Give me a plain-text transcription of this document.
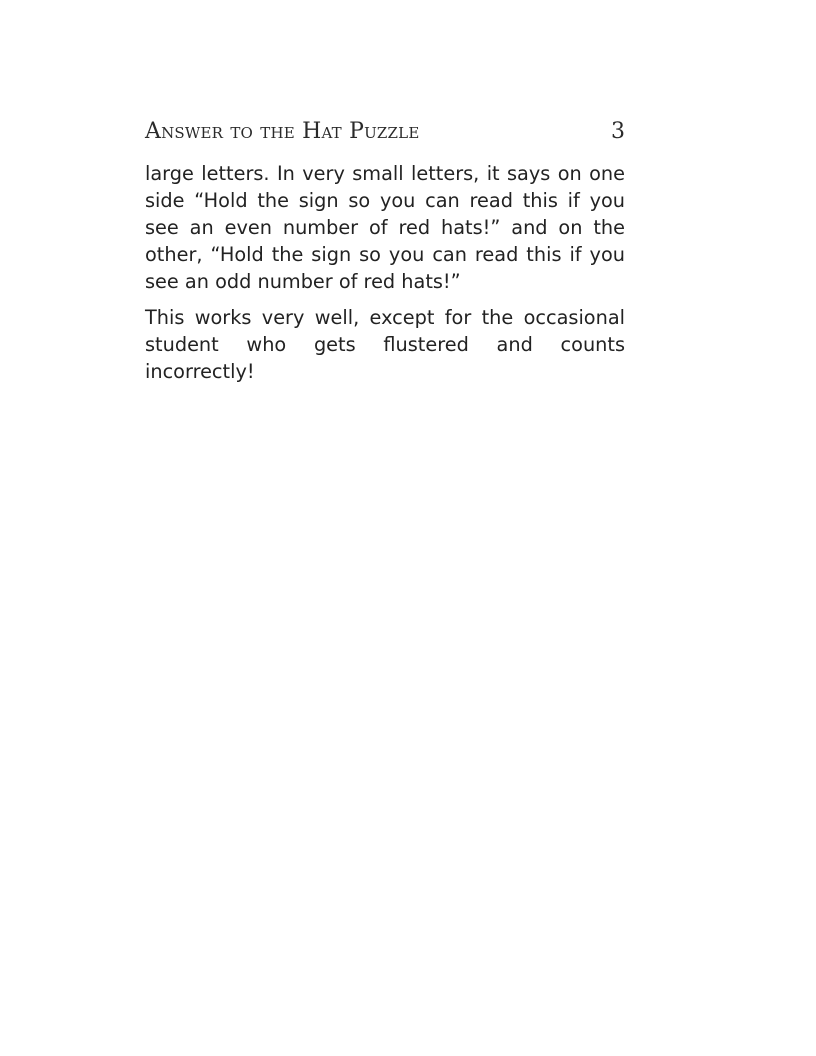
Answer to the Hat Puzzle	3

large letters. In very small letters, it says on one side “Hold the sign so you can read this if you see an even number of red hats!” and on the other, “Hold the sign so you can read this if you see an odd number of red hats!”

This works very well, except for the occasional student who gets flustered and counts incorrectly!
